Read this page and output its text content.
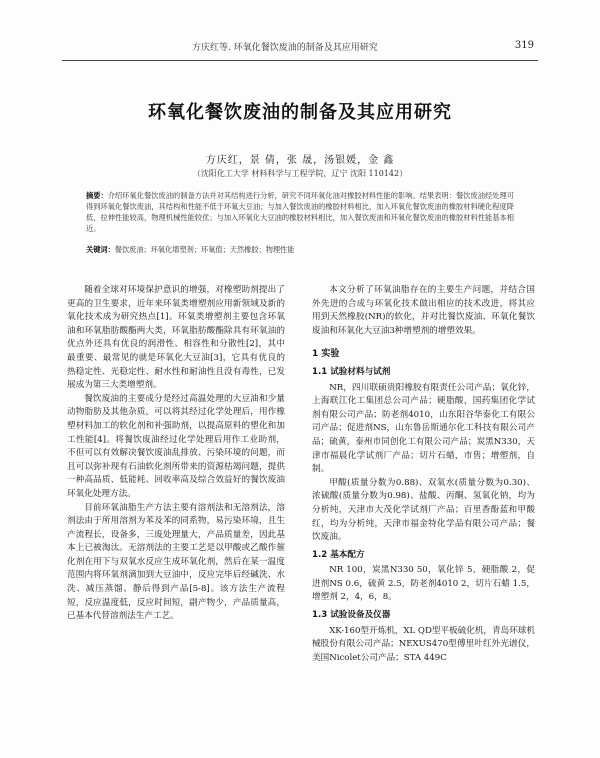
方庆红等. 环氧化餐饮废油的制备及其应用研究	319
环氧化餐饮废油的制备及其应用研究
方庆红，景 倩，张 晟，汤银媛，金 鑫
（沈阳化工大学 材料科学与工程学院，辽宁 沈阳 110142）
摘要：介绍环氧化餐饮废油的制备方法并对其结构进行分析，研究不同环氧化油对橡胶材料性能的影响。结果表明：餐饮废油经处理可得到环氧化餐饮废油，其结构和性能不低于环氧大豆油；与加入餐饮废油的橡胶材料相比，加入环氧化餐饮废油的橡胶材料硬化程度降低，拉伸性能较高，物理机械性能较优；与加入环氧化大豆油的橡胶材料相比，加入餐饮废油和环氧化餐饮废油的橡胶材料性能基本相近。
关键词：餐饮废油；环氧化增塑剂；环氧值；天然橡胶；物理性能

随着全球对环境保护意识的增强，对橡塑助剂提出了更高的卫生要求，近年来环氧类增塑剂应用新领域及新的氧化技术成为研究热点[1]。环氧类增塑剂主要包含环氧油和环氧脂肪酸酯两大类，环氧脂肪酸酯除具有环氧油的优点外还具有优良的润滑性、相容性和分散性[2]，其中最重要、最常见的就是环氧化大豆油[3]，它具有优良的热稳定性、光稳定性、耐水性和耐油性且没有毒性，已发展成为第三大类增塑剂。

餐饮废油的主要成分是经过高温处理的大豆油和少量动物脂肪及其他杂质，可以将其经过化学处理后，用作橡塑材料加工的软化剂和补强助剂，以提高原料的塑化和加工性能[4]。将餐饮废油经过化学处理后用作工业助剂，不但可以有效解决餐饮废油乱排放、污染环境的问题，而且可以弥补现有石油软化剂所带来的资源枯竭问题，提供一种高品质、低能耗、回收率高及综合效益好的餐饮废油环氧化处理方法。

目前环氧油脂生产方法主要有溶剂法和无溶剂法，溶剂法由于所用溶剂为苯及苯的同系物，易污染环境，且生产流程长，设备多，三废处理量大，产品质量差，因此基本上已被淘汰。无溶剂法的主要工艺是以甲酸或乙酸作催化剂在用下与双氧水反应生成环氧化剂，然后在某一温度范围内将环氧剂滴加到大豆油中，反应完毕后经碱洗、水洗、减压蒸馏、静后得到产品[5-8]。该方法生产流程短，反应温度低，反应时间短，副产物少，产品质量高，已基本代替溶剂法生产工艺。

本文分析了环氧油脂存在的主要生产问题，并结合国外先进的合成与环氧化技术做出相应的技术改进，将其应用到天然橡胶(NR)的软化，并对比餐饮废油、环氧化餐饮废油和环氧化大豆油3种增塑剂的增塑效果。

1 实验
1.1 试验材料与试剂

NR，四川联硕贵阳橡胶有限责任公司产品；氧化锌，上海联江化工集团总公司产品；硬脂酸，国药集团化学试剂有限公司产品；防老剂4010，山东阳谷华泰化工有限公司产品；促进剂NS，山东鲁岳斯通尔化工科技有限公司产品；硫黄，泰州市同创化工有限公司产品；炭黑N330，天津市福晨化学试剂厂产品；切片石蜡，市售；增塑剂，自制。

甲酸(质量分数为0.88)、双氧水(质量分数为0.30)、浓硫酸(质量分数为0.98)、盐酸、丙酮、氢氧化钠，均为分析纯，天津市大茂化学试剂厂产品；百里香酚蓝和甲酸红，均为分析纯，天津市福金特化学品有限公司产品；餐饮废油。

1.2 基本配方

NR 100，炭黑N330 50，氧化锌 5，硬脂酸 2，促进剂NS 0.6，硫黄 2.5，防老剂4010 2，切片石蜡 1.5，增塑剂 2，4，6，8。

1.3 试验设备及仪器

XK-160型开炼机，XL QD型平板硫化机，青岛环球机械股份有限公司产品；NEXUS470型傅里叶红外光谱仪，美国Nicolet公司产品；STA 449C
